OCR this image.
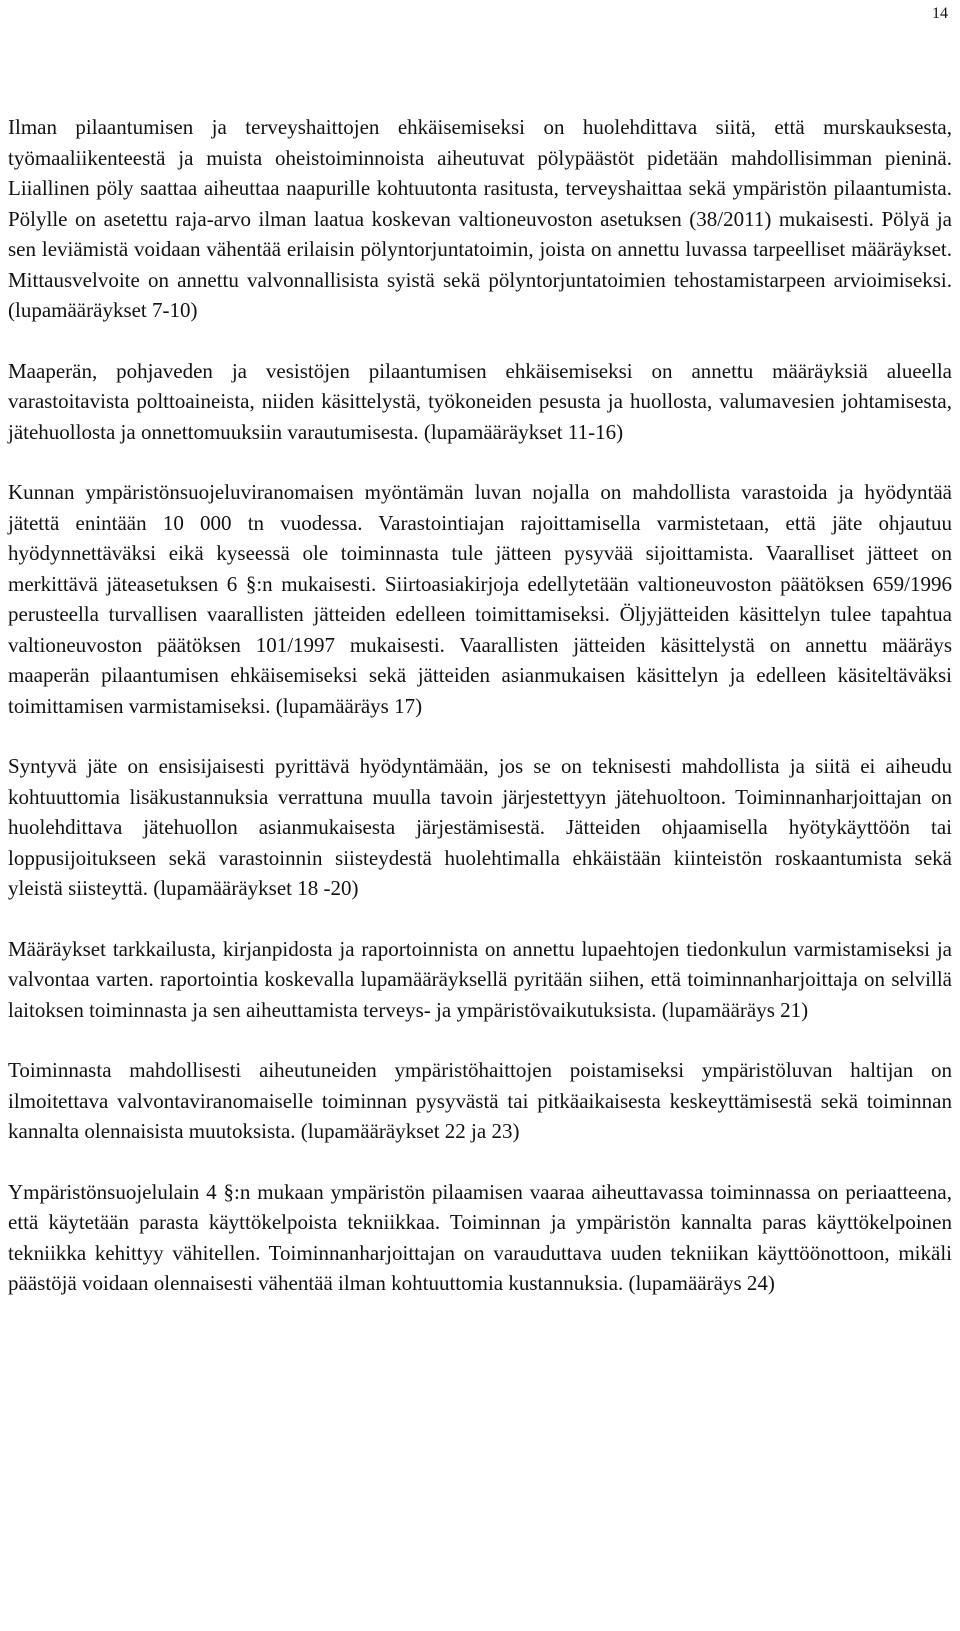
14

Ilman pilaantumisen ja terveyshaittojen ehkäisemiseksi on huolehdittava siitä, että murskauksesta, työmaaliikenteestä ja muista oheistoiminnoista aiheutuvat pölypäästöt pidetään mahdollisimman pieninä. Liiallinen pöly saattaa aiheuttaa naapurille kohtuutonta rasitusta, terveyshaittaa sekä ympäristön pilaantumista. Pölylle on asetettu raja-arvo ilman laatua koskevan valtioneuvoston asetuksen (38/2011) mukaisesti. Pölyä ja sen leviämistä voidaan vähentää erilaisin pölyntorjuntatoimin, joista on annettu luvassa tarpeelliset määräykset. Mittausvelvoite on annettu valvonnallisista syistä sekä pölyntorjuntatoimien tehostamistarpeen arvioimiseksi. (lupamääräykset 7-10)

Maaperän, pohjaveden ja vesistöjen pilaantumisen ehkäisemiseksi on annettu määräyksiä alueella varastoitavista polttoaineista, niiden käsittelystä, työkoneiden pesusta ja huollosta, valumavesien johtamisesta, jätehuollosta ja onnettomuuksiin varautumisesta. (lupamääräykset 11-16)

Kunnan ympäristönsuojeluviranomaisen myöntämän luvan nojalla on mahdollista varastoida ja hyödyntää jätettä enintään 10 000 tn vuodessa. Varastointiajan rajoittamisella varmistetaan, että jäte ohjautuu hyödynnettäväksi eikä kyseessä ole toiminnasta tule jätteen pysyvää sijoittamista. Vaaralliset jätteet on merkittävä jäteasetuksen 6 §:n mukaisesti. Siirtoasiakirjoja edellytetään valtioneuvoston päätöksen 659/1996 perusteella turvallisen vaarallisten jätteiden edelleen toimittamiseksi. Öljyjätteiden käsittelyn tulee tapahtua valtioneuvoston päätöksen 101/1997 mukaisesti. Vaarallisten jätteiden käsittelystä on annettu määräys maaperän pilaantumisen ehkäisemiseksi sekä jätteiden asianmukaisen käsittelyn ja edelleen käsiteltäväksi toimittamisen varmistamiseksi. (lupamääräys 17)

Syntyvä jäte on ensisijaisesti pyrittävä hyödyntämään, jos se on teknisesti mahdollista ja siitä ei aiheudu kohtuuttomia lisäkustannuksia verrattuna muulla tavoin järjestettyyn jätehuoltoon. Toiminnanharjoittajan on huolehdittava jätehuollon asianmukaisesta järjestämisestä. Jätteiden ohjaamisella hyötykäyttöön tai loppusijoitukseen sekä varastoinnin siisteydestä huolehtimalla ehkäistään kiinteistön roskaantumista sekä yleistä siisteyttä. (lupamääräykset 18 -20)

Määräykset tarkkailusta, kirjanpidosta ja raportoinnista on annettu lupaehtojen tiedonkulun varmistamiseksi ja valvontaa varten. raportointia koskevalla lupamääräyksellä pyritään siihen, että toiminnanharjoittaja on selvillä laitoksen toiminnasta ja sen aiheuttamista terveys- ja ympäristövaikutuksista. (lupamääräys 21)

Toiminnasta mahdollisesti aiheutuneiden ympäristöhaittojen poistamiseksi ympäristöluvan haltijan on ilmoitettava valvontaviranomaiselle toiminnan pysyvästä tai pitkäaikaisesta keskeyttämisestä sekä toiminnan kannalta olennaisista muutoksista. (lupamääräykset 22 ja 23)

Ympäristönsuojelulain 4 §:n mukaan ympäristön pilaamisen vaaraa aiheuttavassa toiminnassa on periaatteena, että käytetään parasta käyttökelpoista tekniikkaa. Toiminnan ja ympäristön kannalta paras käyttökelpoinen tekniikka kehittyy vähitellen. Toiminnanharjoittajan on varauduttava uuden tekniikan käyttöönottoon, mikäli päästöjä voidaan olennaisesti vähentää ilman kohtuuttomia kustannuksia. (lupamääräys 24)
